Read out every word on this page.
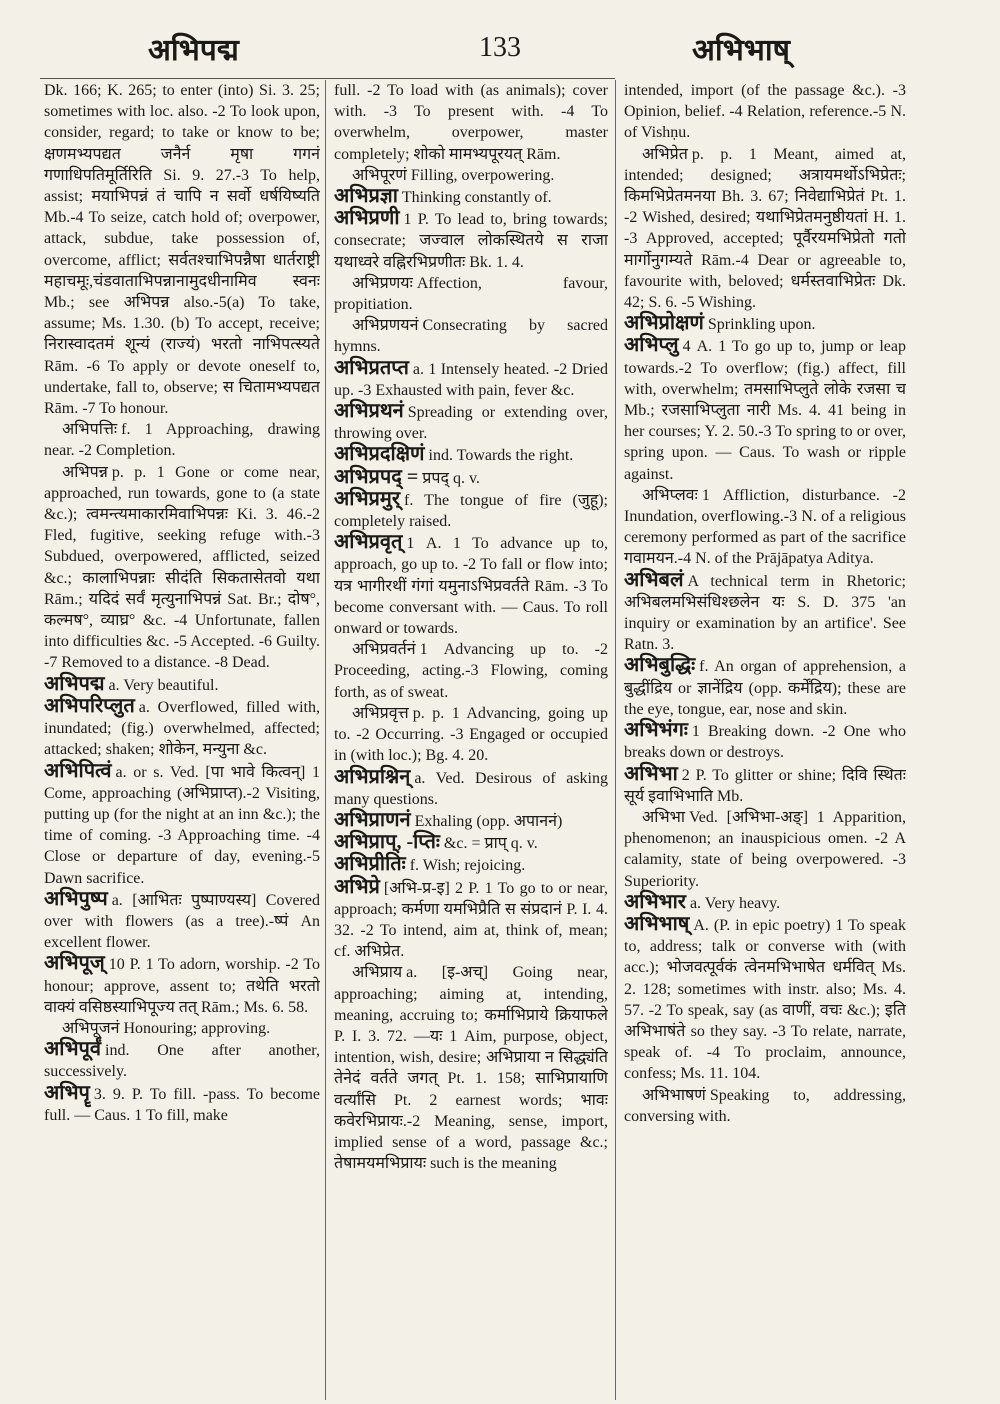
अभिपद्म	133	अभिभाष्

Dk. 166; K. 265; to enter (into) Si. 3. 25; sometimes with loc. also. -2 To look upon, consider, regard; to take or know to be; क्षणमभ्यपद्यत जनैर्न मृषा गगनं गणाधिपतिमूर्तिरिति Si. 9. 27.-3 To help, assist; मयाभिपन्नं तं चापि न सर्वो धर्षयिष्यति Mb.-4 To seize, catch hold of; overpower, attack, subdue, take possession of, overcome, afflict; सर्वतश्चाभिपन्नैषा धार्तराष्ट्री महाचमूः,चंडवाताभिपन्नानामुदधीनामिव स्वनः Mb.; see अभिपन्न also.-5(a) To take, assume; Ms. 1.30. (b) To accept, receive; निरास्वादतमं शून्यं (राज्यं) भरतो नाभिपत्स्यते Rām. -6 To apply or devote oneself to, undertake, fall to, observe; स चितामभ्यपद्यत Rām. -7 To honour.

अभिपत्तिः f. 1 Approaching, drawing near. -2 Completion.

अभिपन्न p. p. 1 Gone or come near, approached, run towards, gone to (a state &c.); त्वमन्त्यमाकारमिवाभिपन्नः Ki. 3. 46.-2 Fled, fugitive, seeking refuge with.-3 Subdued, overpowered, afflicted, seized &c.; कालाभिपन्नाः सीदंति सिकतासेतवो यथा Rām.; यदिदं सर्वं मृत्युनाभिपन्नं Sat. Br.; दोष°, कल्मष°, व्याघ्र° &c. -4 Unfortunate, fallen into difficulties &c. -5 Accepted. -6 Guilty. -7 Removed to a distance. -8 Dead.

अभिपद्म a. Very beautiful.

अभिपरिप्लुत a. Overflowed, filled with, inundated; (fig.) overwhelmed, affected; attacked; shaken; शोकेन, मन्युना &c.

अभिपित्वं a. or s. Ved. [पा भावे कित्वन्] 1 Come, approaching (अभिप्राप्त).-2 Visiting, putting up (for the night at an inn &c.); the time of coming. -3 Approaching time. -4 Close or departure of day, evening.-5 Dawn sacrifice.

अभिपुष्प a. [आभितः पुष्पाण्यस्य] Covered over with flowers (as a tree).-ष्पं An excellent flower.

अभिपूज् 10 P. 1 To adorn, worship. -2 To honour; approve, assent to; तथेति भरतो वाक्यं वसिष्ठस्याभिपूज्य तत् Rām.; Ms. 6. 58.

अभिपूजनं Honouring; approving.

अभिपूर्वं ind. One after another, successively.

अभिपॄ 3. 9. P. To fill. -pass. To become full. — Caus. 1 To fill, make

full. -2 To load with (as animals); cover with. -3 To present with. -4 To overwhelm, overpower, master completely; शोको मामभ्यपूरयत् Rām.

अभिपूरणं Filling, overpowering.

अभिप्रज्ञा Thinking constantly of.

अभिप्रणी 1 P. To lead to, bring towards; consecrate; जज्वाल लोकस्थितये स राजा यथाध्वरे वह्निरभिप्रणीतः Bk. 1. 4.

अभिप्रणयः Affection, favour, propitiation.

अभिप्रणयनं Consecrating by sacred hymns.

अभिप्रतप्त a. 1 Intensely heated. -2 Dried up. -3 Exhausted with pain, fever &c.

अभिप्रथनं Spreading or extending over, throwing over.

अभिप्रदक्षिणं ind. Towards the right.

अभिप्रपद् = प्रपद् q. v.

अभिप्रमुर् f. The tongue of fire (जुहू); completely raised.

अभिप्रवृत् 1 A. 1 To advance up to, approach, go up to. -2 To fall or flow into; यत्र भागीरथीं गंगां यमुनाऽभिप्रवर्तते Rām. -3 To become conversant with. — Caus. To roll onward or towards.

अभिप्रवर्तनं 1 Advancing up to. -2 Proceeding, acting.-3 Flowing, coming forth, as of sweat.

अभिप्रवृत्त p. p. 1 Advancing, going up to. -2 Occurring. -3 Engaged or occupied in (with loc.); Bg. 4. 20.

अभिप्रश्निन् a. Ved. Desirous of asking many questions.

अभिप्राणनं Exhaling (opp. अपाननं)

अभिप्राप्, -प्तिः &c. = प्राप् q. v.

अभिप्रीतिः f. Wish; rejoicing.

अभिप्रे [अभि-प्र-इ] 2 P. 1 To go to or near, approach; कर्मणा यमभिप्रैति स संप्रदानं P. I. 4. 32. -2 To intend, aim at, think of, mean; cf. अभिप्रेत.

अभिप्राय a. [इ-अच्] Going near, approaching; aiming at, intending, meaning, accruing to; कर्माभिप्राये क्रियाफले P. I. 3. 72. —यः 1 Aim, purpose, object, intention, wish, desire; अभिप्राया न सिद्ध्यंति तेनेदं वर्तते जगत् Pt. 1. 158; साभिप्रायाणि वर्त्यांसि Pt. 2 earnest words; भावः कवेरभिप्रायः.-2 Meaning, sense, import, implied sense of a word, passage &c.; तेषामयमभिप्रायः such is the meaning

intended, import (of the passage &c.). -3 Opinion, belief. -4 Relation, reference.-5 N. of Vishṇu.

अभिप्रेत p. p. 1 Meant, aimed at, intended; designed; अत्रायमर्थोऽभिप्रेतः; किमभिप्रेतमनया Bh. 3. 67; निवेद्याभिप्रेतं Pt. 1. -2 Wished, desired; यथाभिप्रेतमनुष्ठीयतां H. 1. -3 Approved, accepted; पूर्वैरयमभिप्रेतो गतो मार्गोनुगम्यते Rām.-4 Dear or agreeable to, favourite with, beloved; धर्मस्तवाभिप्रेतः Dk. 42; S. 6. -5 Wishing.

अभिप्रोक्षणं Sprinkling upon.

अभिप्लु 4 A. 1 To go up to, jump or leap towards.-2 To overflow; (fig.) affect, fill with, overwhelm; तमसाभिप्लुते लोके रजसा च Mb.; रजसाभिप्लुता नारी Ms. 4. 41 being in her courses; Y. 2. 50.-3 To spring to or over, spring upon. — Caus. To wash or ripple against.

अभिप्लवः 1 Affliction, disturbance. -2 Inundation, overflowing.-3 N. of a religious ceremony performed as part of the sacrifice गवामयन.-4 N. of the Prājāpatya Aditya.

अभिबलं A technical term in Rhetoric; अभिबलमभिसंधिश्छलेन यः S. D. 375 'an inquiry or examination by an artifice'. See Ratn. 3.

अभिबुद्धिः f. An organ of apprehension, a बुद्धींद्रिय or ज्ञानेंद्रिय (opp. कर्मेंद्रिय); these are the eye, tongue, ear, nose and skin.

अभिभंगः 1 Breaking down. -2 One who breaks down or destroys.

अभिभा 2 P. To glitter or shine; दिवि स्थितः सूर्य इवाभिभाति Mb.

अभिभा Ved. [अभिभा-अङ्] 1 Apparition, phenomenon; an inauspicious omen. -2 A calamity, state of being overpowered. -3 Superiority.

अभिभार a. Very heavy.

अभिभाष् A. (P. in epic poetry) 1 To speak to, address; talk or converse with (with acc.); भोजवत्पूर्वकं त्वेनमभिभाषेत धर्मवित् Ms. 2. 128; sometimes with instr. also; Ms. 4. 57. -2 To speak, say (as वाणीं, वचः &c.); इति अभिभाषंते so they say. -3 To relate, narrate, speak of. -4 To proclaim, announce, confess; Ms. 11. 104.

अभिभाषणं Speaking to, addressing, conversing with.
